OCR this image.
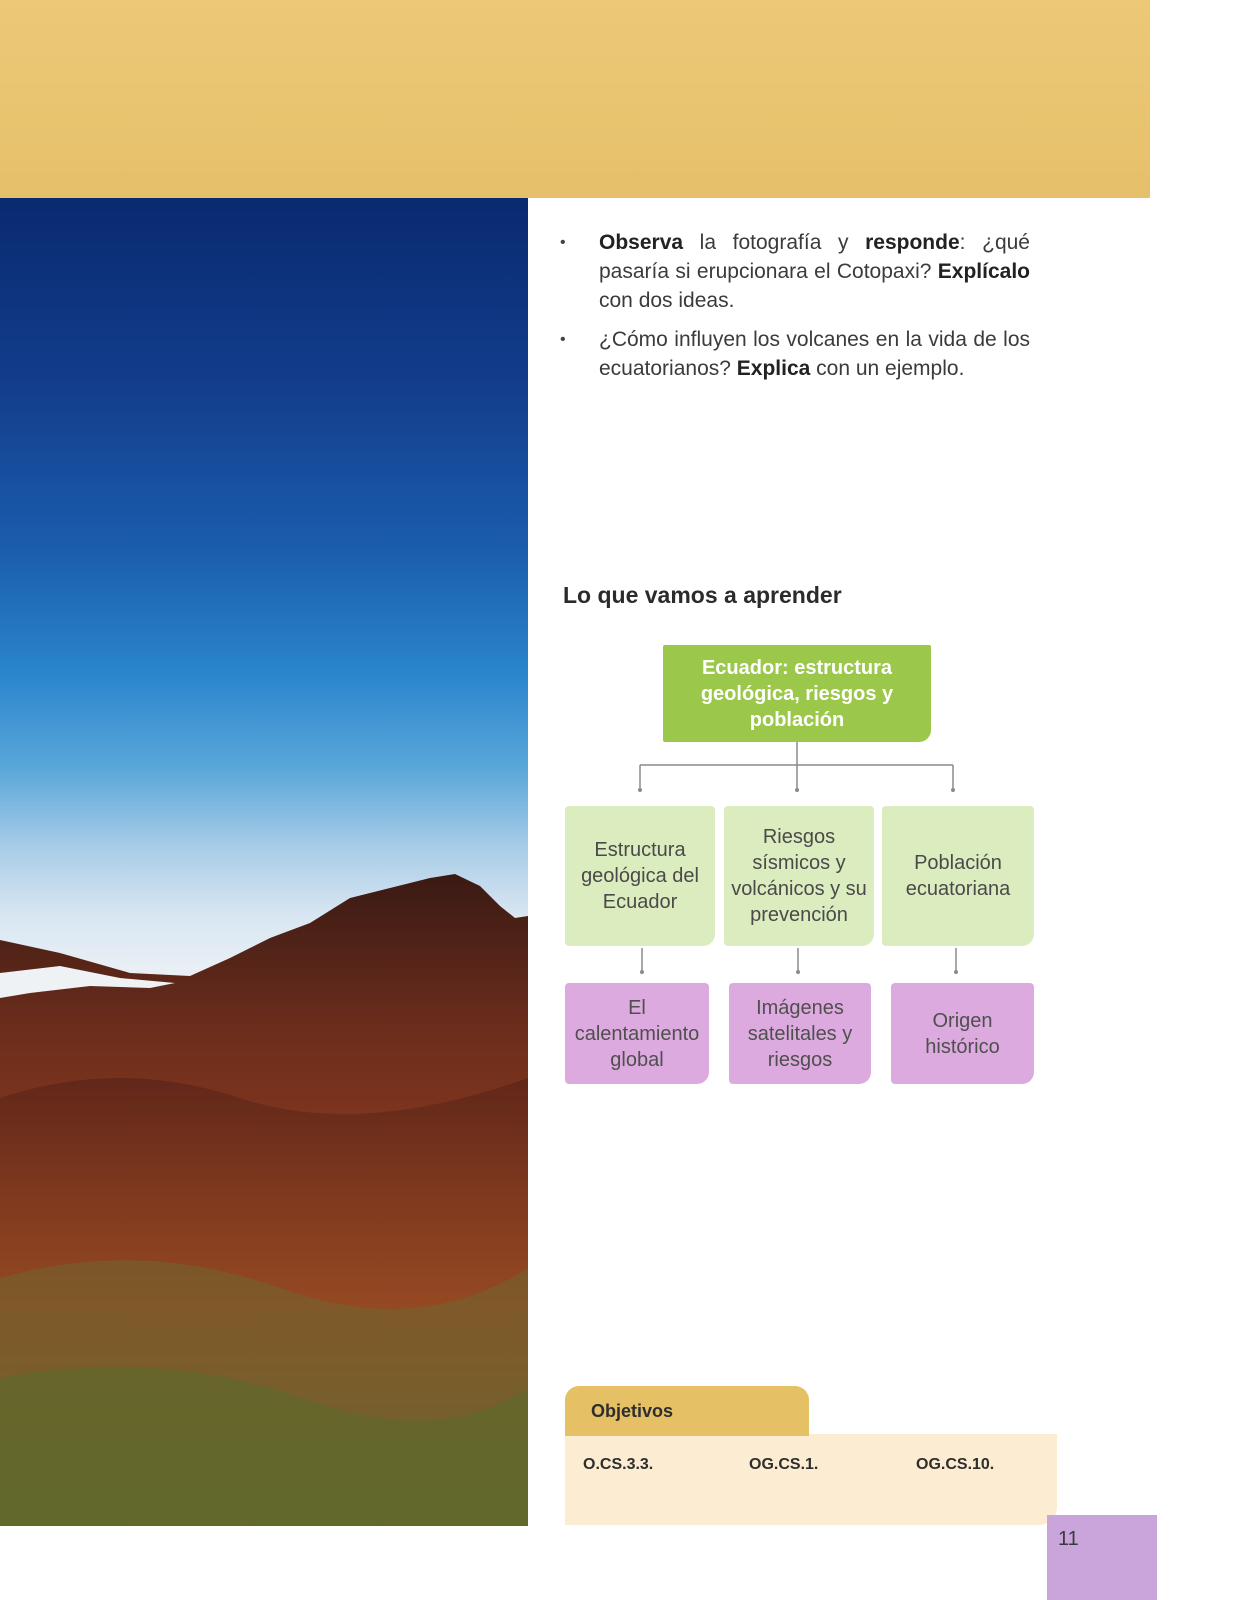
• Observa la fotografía y responde: ¿qué pasaría si erupcionara el Cotopaxi? Explícalo con dos ideas.
• ¿Cómo influyen los volcanes en la vida de los ecuatorianos? Explica con un ejemplo.
Lo que vamos a aprender
Ecuador: estructura geológica, riesgos y población
Estructura geológica del Ecuador
Riesgos sísmicos y volcánicos y su prevención
Población ecuatoriana
El calentamiento global
Imágenes satelitales y riesgos
Origen histórico
Objetivos
O.CS.3.3.	OG.CS.1.	OG.CS.10.
11
